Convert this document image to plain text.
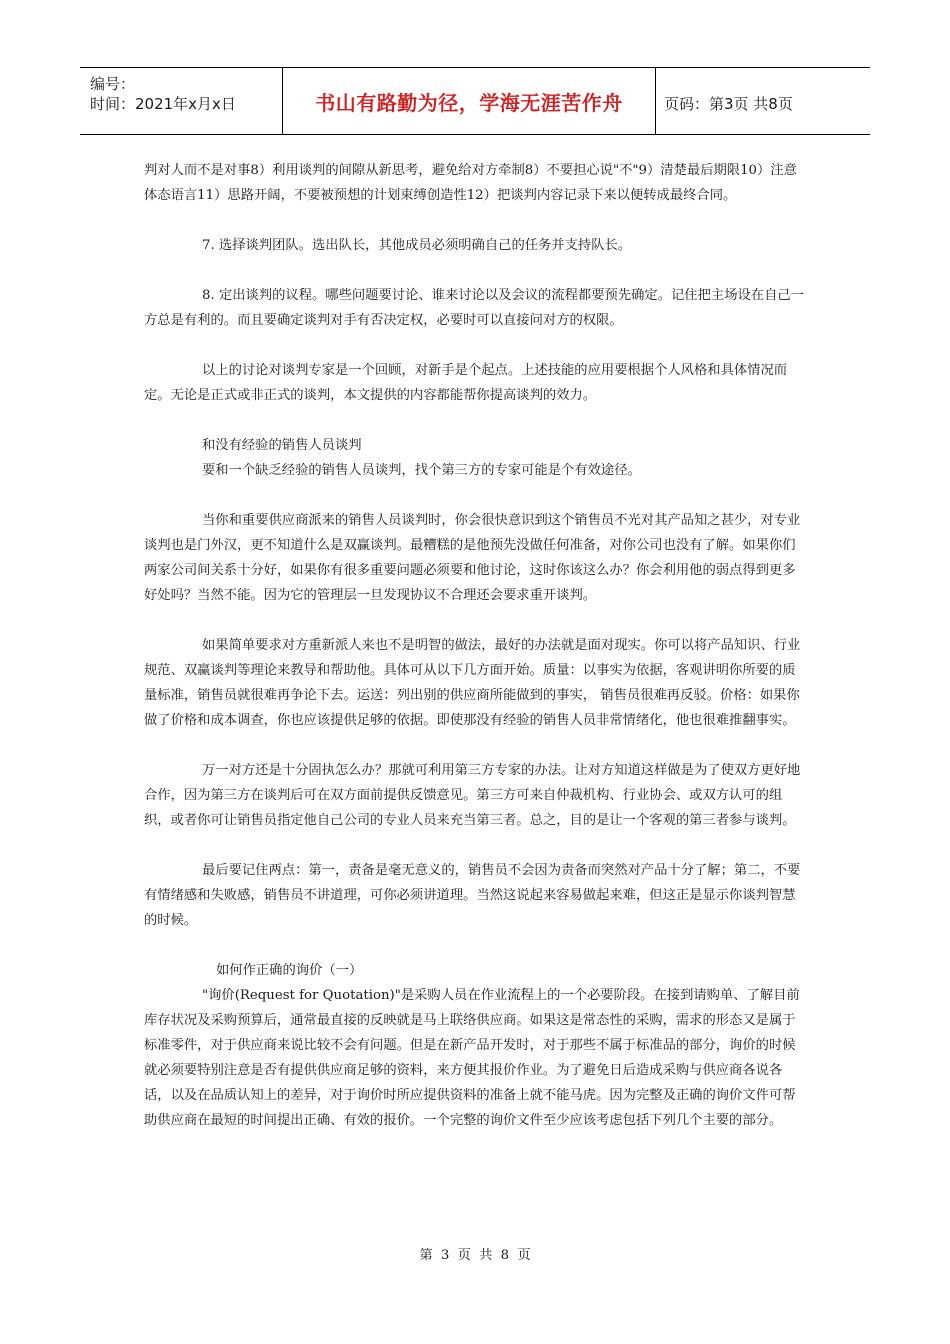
编号：
时间：2021年x月x日	书山有路勤为径，学海无涯苦作舟	页码：第3页 共8页

判对人而不是对事8）利用谈判的间隙从新思考，避免给对方牵制8）不要担心说"不"9）清楚最后期限10）注意体态语言11）思路开阔，不要被预想的计划束缚创造性12）把谈判内容记录下来以便转成最终合同。

7. 选择谈判团队。选出队长，其他成员必须明确自己的任务并支持队长。

8. 定出谈判的议程。哪些问题要讨论、谁来讨论以及会议的流程都要预先确定。记住把主场设在自己一方总是有利的。而且要确定谈判对手有否决定权，必要时可以直接问对方的权限。

以上的讨论对谈判专家是一个回顾，对新手是个起点。上述技能的应用要根据个人风格和具体情况而定。无论是正式或非正式的谈判，本文提供的内容都能帮你提高谈判的效力。

和没有经验的销售人员谈判

要和一个缺乏经验的销售人员谈判，找个第三方的专家可能是个有效途径。

当你和重要供应商派来的销售人员谈判时，你会很快意识到这个销售员不光对其产品知之甚少，对专业谈判也是门外汉，更不知道什么是双赢谈判。最糟糕的是他预先没做任何准备，对你公司也没有了解。如果你们两家公司间关系十分好，如果你有很多重要问题必须要和他讨论，这时你该这么办？你会利用他的弱点得到更多好处吗？当然不能。因为它的管理层一旦发现协议不合理还会要求重开谈判。

如果简单要求对方重新派人来也不是明智的做法，最好的办法就是面对现实。你可以将产品知识、行业规范、双赢谈判等理论来教导和帮助他。具体可从以下几方面开始。质量：以事实为依据，客观讲明你所要的质量标准，销售员就很难再争论下去。运送：列出别的供应商所能做到的事实， 销售员很难再反驳。价格：如果你做了价格和成本调查，你也应该提供足够的依据。即使那没有经验的销售人员非常情绪化，他也很难推翻事实。

万一对方还是十分固执怎么办？那就可利用第三方专家的办法。让对方知道这样做是为了使双方更好地合作，因为第三方在谈判后可在双方面前提供反馈意见。第三方可来自仲裁机构、行业协会、或双方认可的组织，或者你可让销售员指定他自己公司的专业人员来充当第三者。总之，目的是让一个客观的第三者参与谈判。

最后要记住两点：第一，责备是毫无意义的，销售员不会因为责备而突然对产品十分了解；第二，不要有情绪感和失败感，销售员不讲道理，可你必须讲道理。当然这说起来容易做起来难，但这正是显示你谈判智慧的时候。

如何作正确的询价（一）

"询价(Request for Quotation)"是采购人员在作业流程上的一个必要阶段。在接到请购单、了解目前库存状况及采购预算后，通常最直接的反映就是马上联络供应商。如果这是常态性的采购，需求的形态又是属于标准零件，对于供应商来说比较不会有问题。但是在新产品开发时，对于那些不属于标准品的部分，询价的时候就必须要特别注意是否有提供供应商足够的资料，来方便其报价作业。为了避免日后造成采购与供应商各说各话，以及在品质认知上的差异，对于询价时所应提供资料的准备上就不能马虎。因为完整及正确的询价文件可帮助供应商在最短的时间提出正确、有效的报价。一个完整的询价文件至少应该考虑包括下列几个主要的部分。

第 3 页 共 8 页
